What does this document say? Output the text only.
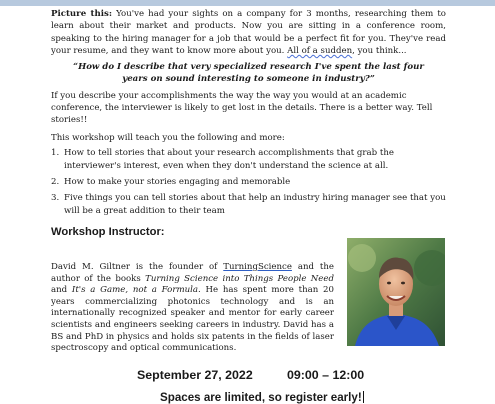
Picture this: You've had your sights on a company for 3 months, researching them to learn about their market and products. Now you are sitting in a conference room, speaking to the hiring manager for a job that would be a perfect fit for you. They've read your resume, and they want to know more about you. All of a sudden, you think...

“How do I describe that very specialized research I've spent the last four years on sound interesting to someone in industry?”

If you describe your accomplishments the way the way you would at an academic conference, the interviewer is likely to get lost in the details. There is a better way. Tell stories!!

This workshop will teach you the following and more:

1. How to tell stories that about your research accomplishments that grab the interviewer's interest, even when they don't understand the science at all.
2. How to make your stories engaging and memorable
3. Five things you can tell stories about that help an industry hiring manager see that you will be a great addition to their team

Workshop Instructor:

David M. Giltner is the founder of TurningScience and the author of the books Turning Science into Things People Need and It's a Game, not a Formula. He has spent more than 20 years commercializing photonics technology and is an internationally recognized speaker and mentor for early career scientists and engineers seeking careers in industry. David has a BS and PhD in physics and holds six patents in the fields of laser spectroscopy and optical communications.

September 27, 2022	09:00 – 12:00
Spaces are limited, so register early!
